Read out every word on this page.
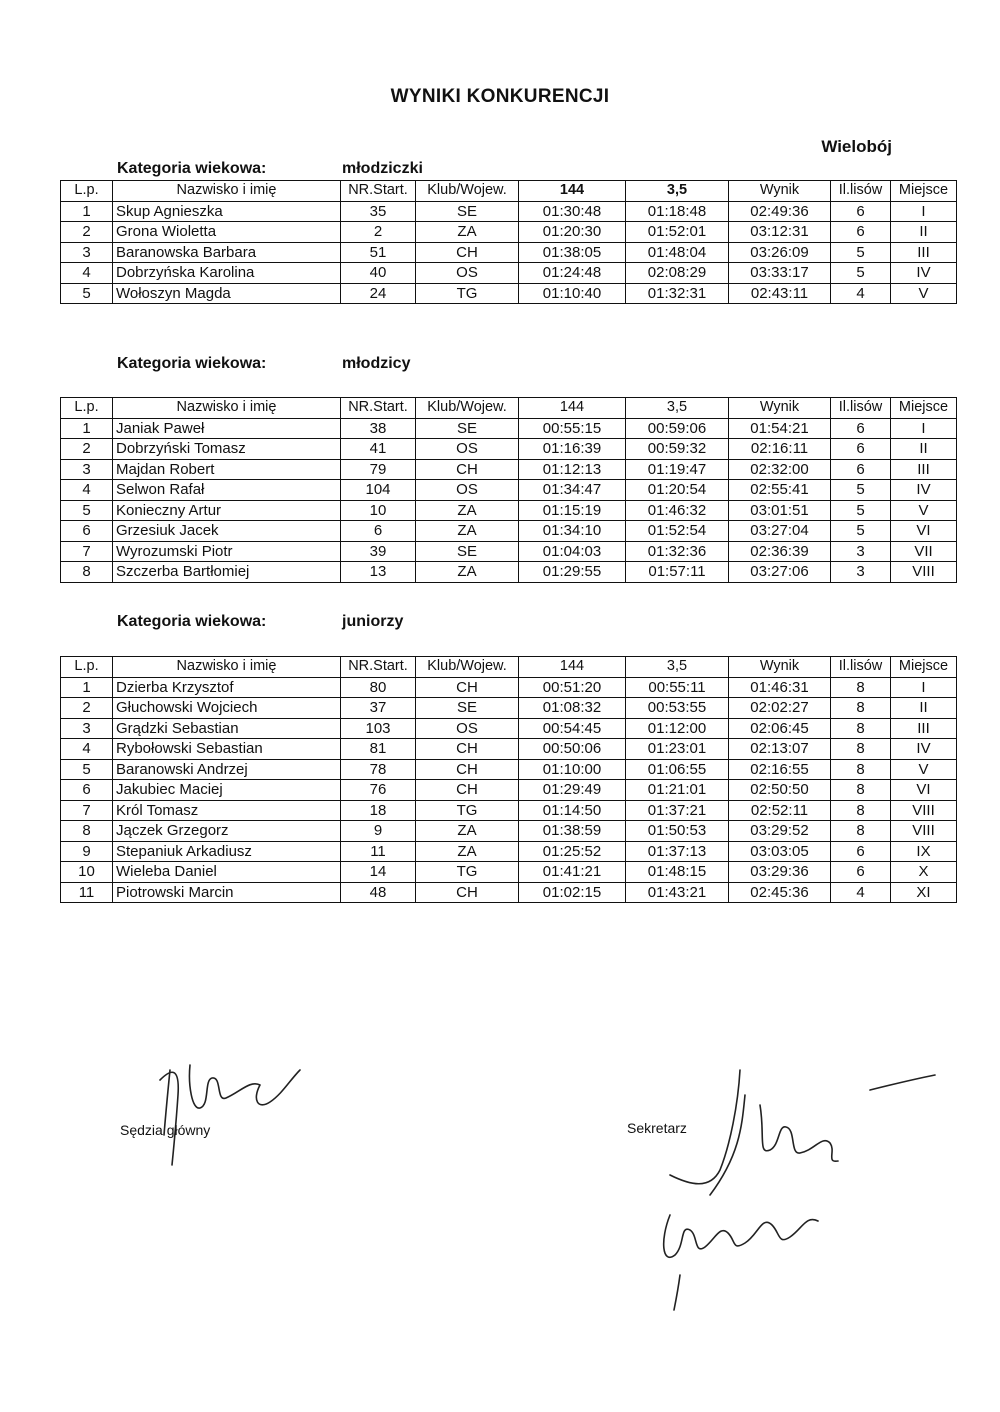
WYNIKI KONKURENCJI
Wielobój
Kategoria wiekowa:	młodziczki
L.p.	Nazwisko i imię	NR.Start.	Klub/Wojew.	144	3,5	Wynik	Il.lisów	Miejsce
1	Skup Agnieszka	35	SE	01:30:48	01:18:48	02:49:36	6	I
2	Grona Wioletta	2	ZA	01:20:30	01:52:01	03:12:31	6	II
3	Baranowska Barbara	51	CH	01:38:05	01:48:04	03:26:09	5	III
4	Dobrzyńska Karolina	40	OS	01:24:48	02:08:29	03:33:17	5	IV
5	Wołoszyn Magda	24	TG	01:10:40	01:32:31	02:43:11	4	V
Kategoria wiekowa:	młodzicy
L.p.	Nazwisko i imię	NR.Start.	Klub/Wojew.	144	3,5	Wynik	Il.lisów	Miejsce
1	Janiak Paweł	38	SE	00:55:15	00:59:06	01:54:21	6	I
2	Dobrzyński Tomasz	41	OS	01:16:39	00:59:32	02:16:11	6	II
3	Majdan Robert	79	CH	01:12:13	01:19:47	02:32:00	6	III
4	Selwon Rafał	104	OS	01:34:47	01:20:54	02:55:41	5	IV
5	Konieczny Artur	10	ZA	01:15:19	01:46:32	03:01:51	5	V
6	Grzesiuk Jacek	6	ZA	01:34:10	01:52:54	03:27:04	5	VI
7	Wyrozumski Piotr	39	SE	01:04:03	01:32:36	02:36:39	3	VII
8	Szczerba Bartłomiej	13	ZA	01:29:55	01:57:11	03:27:06	3	VIII
Kategoria wiekowa:	juniorzy
L.p.	Nazwisko i imię	NR.Start.	Klub/Wojew.	144	3,5	Wynik	Il.lisów	Miejsce
1	Dzierba Krzysztof	80	CH	00:51:20	00:55:11	01:46:31	8	I
2	Głuchowski Wojciech	37	SE	01:08:32	00:53:55	02:02:27	8	II
3	Grądzki Sebastian	103	OS	00:54:45	01:12:00	02:06:45	8	III
4	Rybołowski Sebastian	81	CH	00:50:06	01:23:01	02:13:07	8	IV
5	Baranowski Andrzej	78	CH	01:10:00	01:06:55	02:16:55	8	V
6	Jakubiec Maciej	76	CH	01:29:49	01:21:01	02:50:50	8	VI
7	Król Tomasz	18	TG	01:14:50	01:37:21	02:52:11	8	VIII
8	Jączek Grzegorz	9	ZA	01:38:59	01:50:53	03:29:52	8	VIII
9	Stepaniuk Arkadiusz	11	ZA	01:25:52	01:37:13	03:03:05	6	IX
10	Wieleba Daniel	14	TG	01:41:21	01:48:15	03:29:36	6	X
11	Piotrowski Marcin	48	CH	01:02:15	01:43:21	02:45:36	4	XI
Sędzia główny	Sekretarz
